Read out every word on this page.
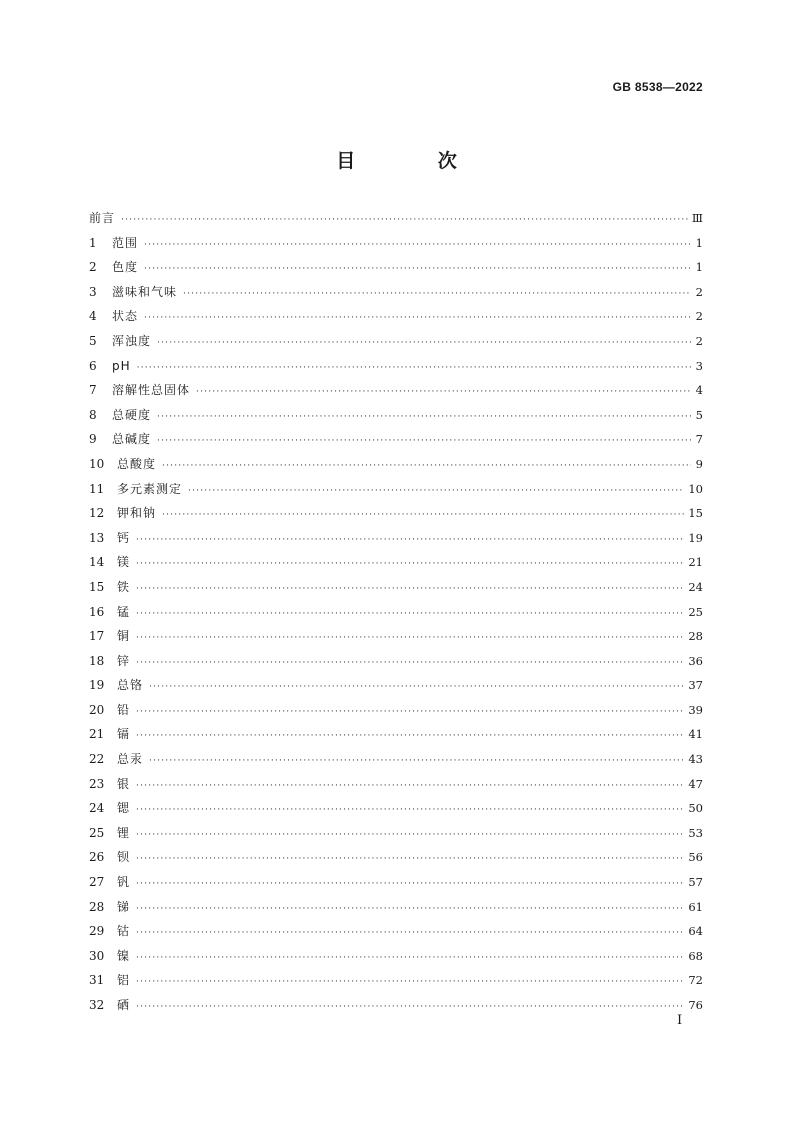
GB 8538—2022
目 次
前言 ·····	Ⅲ
1	范围 ·····	1
2	色度 ·····	1
3	滋味和气味 ·····	2
4	状态 ·····	2
5	浑浊度 ·····	2
6	pH ·····	3
7	溶解性总固体 ·····	4
8	总硬度 ·····	5
9	总碱度 ·····	7
10	总酸度 ·····	9
11	多元素测定 ·····	10
12	钾和钠 ·····	15
13	钙 ·····	19
14	镁 ·····	21
15	铁 ·····	24
16	锰 ·····	25
17	铜 ·····	28
18	锌 ·····	36
19	总铬 ·····	37
20	铅 ·····	39
21	镉 ·····	41
22	总汞 ·····	43
23	银 ·····	47
24	锶 ·····	50
25	锂 ·····	53
26	钡 ·····	56
27	钒 ·····	57
28	锑 ·····	61
29	钴 ·····	64
30	镍 ·····	68
31	铝 ·····	72
32	硒 ·····	76
I
